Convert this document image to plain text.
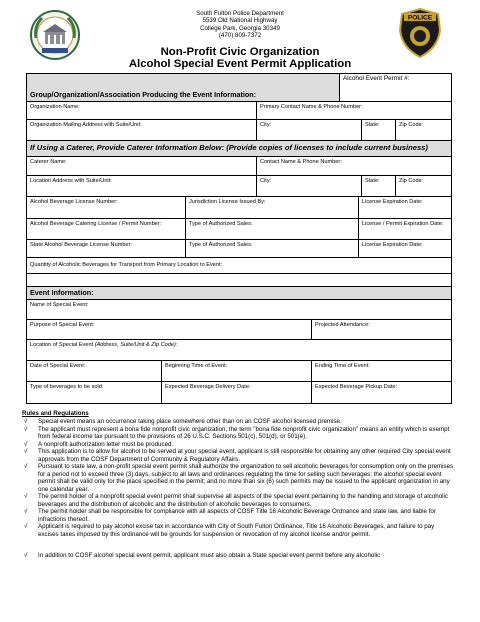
POLICE
South Fulton Police Department
5539 Old National Highway
College Park, Georgia 30349
(470) 809-7372
Non-Profit Civic Organization
Alcohol Special Event Permit Application
Group/Organization/Association Producing the Event Information:
Alcohol Event Permit #:
Organization Name:	Primary Contact Name & Phone Number:
Organization Mailing Address with Suite/Unit:	City:	State:	Zip Code:
If Using a Caterer, Provide Caterer Information Below: (Provide copies of licenses to include current business)
Caterer Name:	Contact Name & Phone Number:
Location Address with Suite/Unit:	City:	State:	Zip Code:
Alcohol Beverage License Number:	Jurisdiction License Issued By:	License Expiration Date:
Alcohol Beverage Catering License / Permit Number:	Type of Authorized Sales:	License / Permit Expiration Date:
State Alcohol Beverage License Number:	Type of Authorized Sales:	License Expiration Date:
Quantity of Alcoholic Beverages for Transport from Primary Location to Event:
Event Information:
Name of Special Event:
Purpose of Special Event:	Projected Attendance:
Location of Special Event (Address, Suite/Unit & Zip Code):
Date of Special Event:	Beginning Time of Event:	Ending Time of Event:
Type of beverages to be sold:	Expected Beverage Delivery Date:	Expected Beverage Pickup Date:
Rules and Regulations
√	Special event means an occurrence taking place somewhere other than on an COSF alcohol licensed premise.
√	The applicant must represent a bona fide nonprofit civic organization, the term "bona fide nonprofit civic organization" means an entity which is exempt from federal income tax pursuant to the provisions of 26 U.S.C. Sections 501(c), 501(d), or 501(e).
√	A nonprofit authorization letter must be produced.
√	This application is to allow for alcohol to be served at your special event, applicant is still responsible for obtaining any other required City special event approvals from the COSF Department of Community & Regulatory Affairs.
√	Pursuant to state law, a non-profit special event permit shall authorize the organization to sell alcoholic beverages for consumption only on the premises for a period not to exceed three (3) days, subject to all laws and ordinances regulating the time for selling such beverages; the alcohol special event permit shall be valid only for the place specified in the permit; and no more than six (6) such permits may be issued to the applicant organization in any one calendar year.
√	The permit holder of a nonprofit special event permit shall supervise all aspects of the special event pertaining to the handling and storage of alcoholic beverages and the distribution of alcoholic and the distribution of alcoholic beverages to consumers.
√	The permit holder shall be responsible for compliance with all aspects of COSF Title 16 Alcoholic Beverage Ordnance and state law, and liable for infractions thereof.
√	Applicant is required to pay alcohol excise tax in accordance with City of South Fulton Ordinance, Title 16 Alcoholic Beverages, and failure to pay excises taxes imposed by this ordinance will be grounds for suspension or revocation of my alcohol license and/or permit.
√	In addition to COSF alcohol special event permit, applicant must also obtain a State special event permit before any alcoholic
